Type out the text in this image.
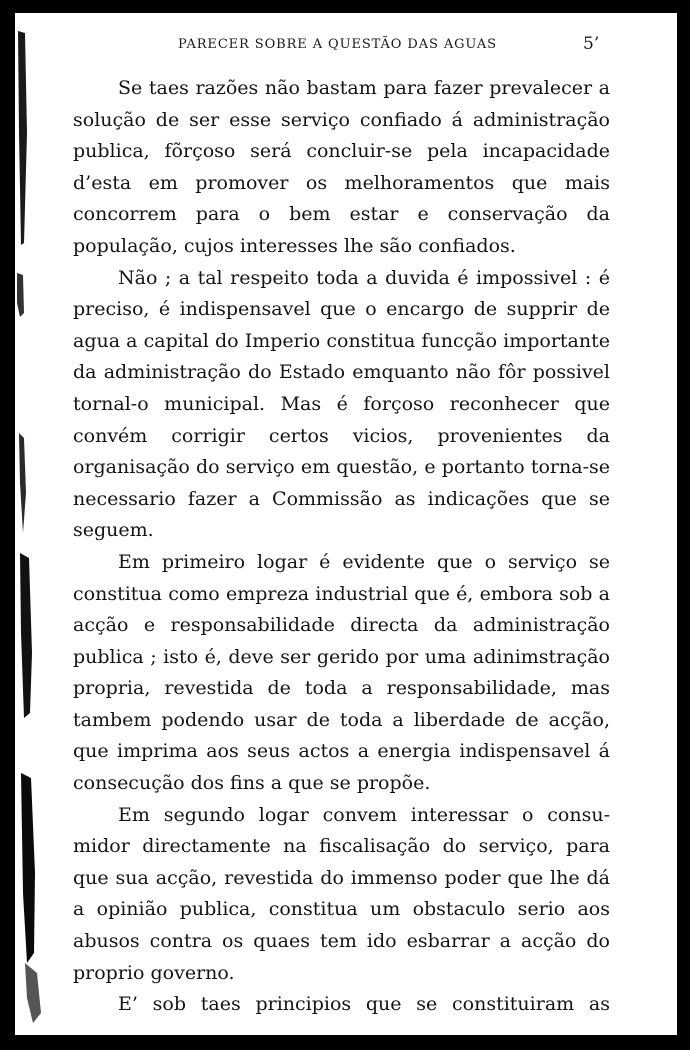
PARECER SOBRE A QUESTÃO DAS AGUAS	5’

Se taes razões não bastam para fazer prevalecer a solução de ser esse serviço confiado á administração publica, fõrçoso será concluir-se pela incapacidade d’esta em promover os melhoramentos que mais concorrem para o bem estar e conservação da população, cujos interesses lhe são confiados.

Não ; a tal respeito toda a duvida é impossivel : é preciso, é indispensavel que o encargo de supprir de agua a capital do Imperio constitua funcção importante da administração do Estado emquanto não fôr possivel tornal-o municipal. Mas é forçoso reconhecer que convém corrigir certos vicios, provenientes da organisação do serviço em questão, e portanto torna-se necessario fazer a Commissão as indicações que se seguem.

Em primeiro logar é evidente que o serviço se constitua como empreza industrial que é, embora sob a acção e responsabilidade directa da administração publica ; isto é, deve ser gerido por uma adinimstração propria, revestida de toda a responsabilidade, mas tambem podendo usar de toda a liberdade de acção, que imprima aos seus actos a energia indispensavel á consecução dos fins a que se propõe.

Em segundo logar convem interessar o consumidor directamente na fiscalisação do serviço, para que sua acção, revestida do immenso poder que lhe dá a opinião publica, constitua um obstaculo serio aos abusos contra os quaes tem ido esbarrar a acção do proprio governo.

E’ sob taes principios que se constituiram as
